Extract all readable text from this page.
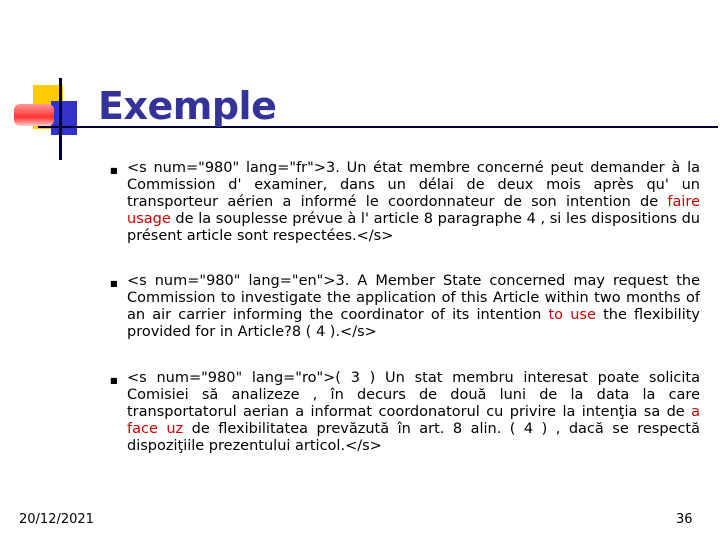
Exemple
■ <s num="980" lang="fr">3. Un état membre concerné peut demander à la Commission d' examiner, dans un délai de deux mois après qu' un transporteur aérien a informé le coordonnateur de son intention de faire usage de la souplesse prévue à l' article 8 paragraphe 4 , si les dispositions du présent article sont respectées.</s>
■ <s num="980" lang="en">3. A Member State concerned may request the Commission to investigate the application of this Article within two months of an air carrier informing the coordinator of its intention to use the flexibility provided for in Article?8 ( 4 ).</s>
■ <s num="980" lang="ro">( 3 ) Un stat membru interesat poate solicita Comisiei să analizeze , în decurs de două luni de la data la care transportatorul aerian a informat coordonatorul cu privire la intenţia sa de a face uz de flexibilitatea prevăzută în art. 8 alin. ( 4 ) , dacă se respectă dispoziţiile prezentului articol.</s>
20/12/2021	36
